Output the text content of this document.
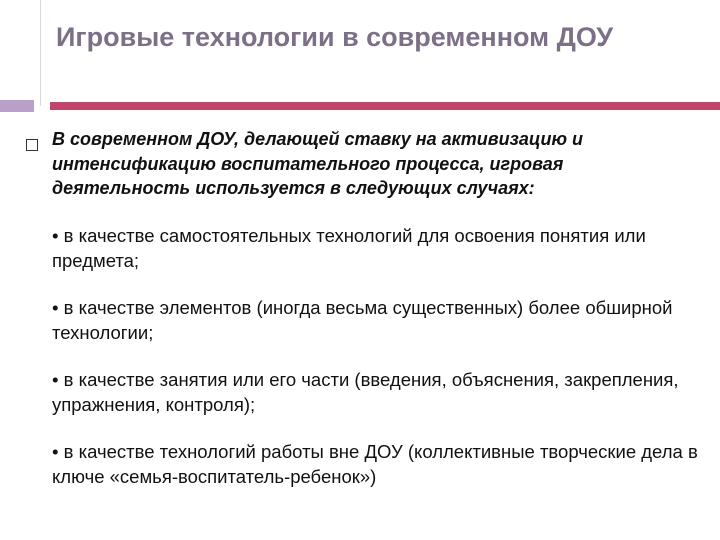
Игровые технологии в современном ДОУ

В современном ДОУ, делающей ставку на активизацию и интенсификацию воспитательного процесса, игровая деятельность используется в следующих случаях:

• в качестве самостоятельных технологий для освоения понятия или предмета;

• в качестве элементов (иногда весьма существенных) более обширной технологии;

• в качестве занятия или его части (введения, объяснения, закрепления, упражнения, контроля);

• в качестве технологий работы вне ДОУ (коллективные творческие дела в ключе «семья-воспитатель-ребенок»)
